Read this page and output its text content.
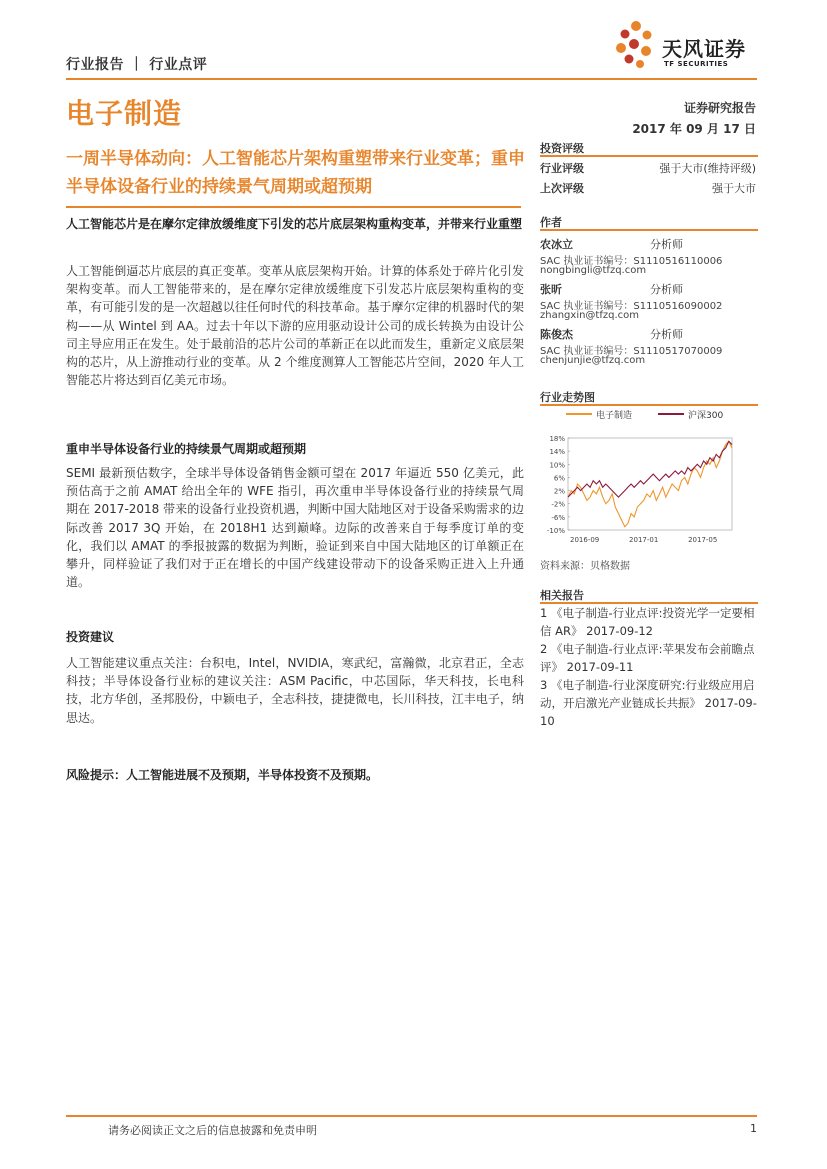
行业报告 ｜ 行业点评
天风证券
TF SECURITIES
电子制造	证券研究报告
2017 年 09 月 17 日
一周半导体动向：人工智能芯片架构重塑带来行业变革；重申半导体设备行业的持续景气周期或超预期
人工智能芯片是在摩尔定律放缓维度下引发的芯片底层架构重构变革，并带来行业重塑
人工智能倒逼芯片底层的真正变革。变革从底层架构开始。计算的体系处于碎片化引发架构变革。而人工智能带来的，是在摩尔定律放缓维度下引发芯片底层架构重构的变革，有可能引发的是一次超越以往任何时代的科技革命。基于摩尔定律的机器时代的架构——从 Wintel 到 AA。过去十年以下游的应用驱动设计公司的成长转换为由设计公司主导应用正在发生。处于最前沿的芯片公司的革新正在以此而发生，重新定义底层架构的芯片，从上游推动行业的变革。从 2 个维度测算人工智能芯片空间，2020 年人工智能芯片将达到百亿美元市场。
重申半导体设备行业的持续景气周期或超预期
SEMI 最新预估数字，全球半导体设备销售金额可望在 2017 年逼近 550 亿美元，此预估高于之前 AMAT 给出全年的 WFE 指引，再次重申半导体设备行业的持续景气周期在 2017-2018 带来的设备行业投资机遇，判断中国大陆地区对于设备采购需求的边际改善 2017 3Q 开始，在 2018H1 达到巅峰。边际的改善来自于每季度订单的变化，我们以 AMAT 的季报披露的数据为判断，验证到来自中国大陆地区的订单额正在攀升，同样验证了我们对于正在增长的中国产线建设带动下的设备采购正进入上升通道。
投资建议
人工智能建议重点关注：台积电，Intel，NVIDIA，寒武纪，富瀚微，北京君正，全志科技；半导体设备行业标的建议关注：ASM Pacific，中芯国际，华天科技，长电科技，北方华创，圣邦股份，中颖电子，全志科技，捷捷微电，长川科技，江丰电子，纳思达。
风险提示：人工智能进展不及预期，半导体投资不及预期。
投资评级
行业评级	强于大市(维持评级)
上次评级	强于大市
作者
农冰立	分析师
SAC 执业证书编号：S1110516110006
nongbingli@tfzq.com
张昕	分析师
SAC 执业证书编号：S1110516090002
zhangxin@tfzq.com
陈俊杰	分析师
SAC 执业证书编号：S1110517070009
chenjunjie@tfzq.com
行业走势图
电子制造	沪深300
18%
14%
10%
6%
2%
-2%
-6%
-10%
2016-09	2017-01	2017-05
资料来源：贝格数据
相关报告
1 《电子制造-行业点评:投资光学一定要相信 AR》 2017-09-12
2 《电子制造-行业点评:苹果发布会前瞻点评》 2017-09-11
3 《电子制造-行业深度研究:行业级应用启动，开启激光产业链成长共振》 2017-09-10
请务必阅读正文之后的信息披露和免责申明	1
